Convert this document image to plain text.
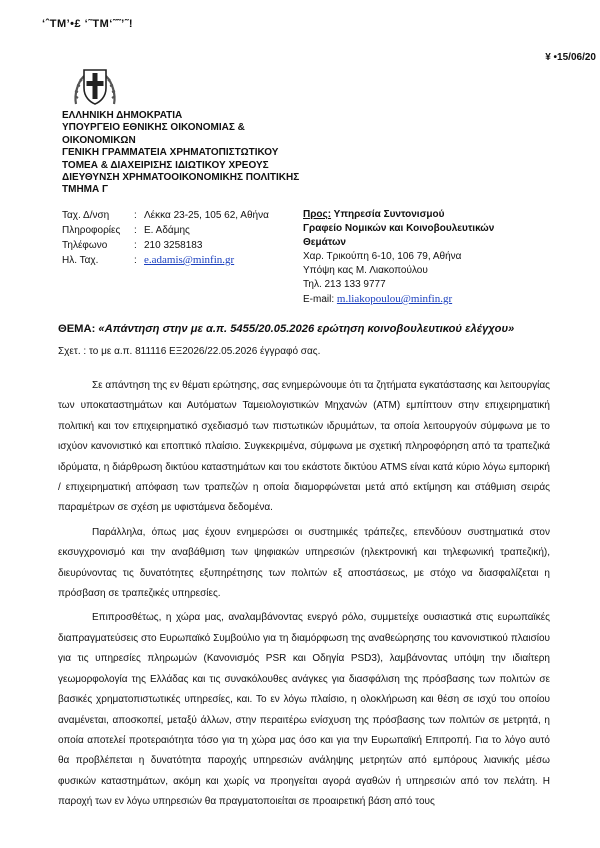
‘ˆΤΜ’•£ ‘˜ΤΜ‘˜˜’˜!
¥ •15/06/20
ΕΛΛΗΝΙΚΗ ΔΗΜΟΚΡΑΤΙΑ
ΥΠΟΥΡΓΕΙΟ ΕΘΝΙΚΗΣ ΟΙΚΟΝΟΜΙΑΣ &
ΟΙΚΟΝΟΜΙΚΩΝ
ΓΕΝΙΚΗ ΓΡΑΜΜΑΤΕΙΑ ΧΡΗΜΑΤΟΠΙΣΤΩΤΙΚΟΥ
ΤΟΜΕΑ & ΔΙΑΧΕΙΡΙΣΗΣ ΙΔΙΩΤΙΚΟΥ ΧΡΕΟΥΣ
ΔΙΕΥΘΥΝΣΗ ΧΡΗΜΑΤΟΟΙΚΟΝΟΜΙΚΗΣ ΠΟΛΙΤΙΚΗΣ
ΤΜΗΜΑ Γ
Ταχ. Δ/νση	: Λέκκα 23-25, 105 62, Αθήνα
Πληροφορίες	: Ε. Αδάμης
Τηλέφωνο	: 210 3258183
Ηλ. Ταχ.	: e.adamis@minfin.gr
Προς: Υπηρεσία Συντονισμού
Γραφείο Νομικών και Κοινοβουλευτικών
Θεμάτων
Χαρ. Τρικούπη 6-10, 106 79, Αθήνα
Υπόψη κας Μ. Λιακοπούλου
Τηλ. 213 133 9777
E-mail: m.liakopoulou@minfin.gr
ΘΕΜΑ: «Απάντηση στην με α.π. 5455/20.05.2026 ερώτηση κοινοβουλευτικού ελέγχου»
Σχετ. : το με α.π. 811116 ΕΞ2026/22.05.2026 έγγραφό σας.

Σε απάντηση της εν θέματι ερώτησης, σας ενημερώνουμε ότι τα ζητήματα εγκατάστασης και λειτουργίας των υποκαταστημάτων και Αυτόματων Ταμειολογιστικών Μηχανών (ΑΤΜ) εμπίπτουν στην επιχειρηματική πολιτική και τον επιχειρηματικό σχεδιασμό των πιστωτικών ιδρυμάτων, τα οποία λειτουργούν σύμφωνα με το ισχύον κανονιστικό και εποπτικό πλαίσιο. Συγκεκριμένα, σύμφωνα με σχετική πληροφόρηση από τα τραπεζικά ιδρύματα, η διάρθρωση δικτύου καταστημάτων και του εκάστοτε δικτύου ATMS είναι κατά κύριο λόγω εμπορική / επιχειρηματική απόφαση των τραπεζών η οποία διαμορφώνεται μετά από εκτίμηση και στάθμιση σειράς παραμέτρων σε σχέση με υφιστάμενα δεδομένα.

Παράλληλα, όπως μας έχουν ενημερώσει οι συστημικές τράπεζες, επενδύουν συστηματικά στον εκσυγχρονισμό και την αναβάθμιση των ψηφιακών υπηρεσιών (ηλεκτρονική και τηλεφωνική τραπεζική), διευρύνοντας τις δυνατότητες εξυπηρέτησης των πολιτών εξ αποστάσεως, με στόχο να διασφαλίζεται η πρόσβαση σε τραπεζικές υπηρεσίες.

Επιπροσθέτως, η χώρα μας, αναλαμβάνοντας ενεργό ρόλο, συμμετείχε ουσιαστικά στις ευρωπαϊκές διαπραγματεύσεις στο Ευρωπαϊκό Συμβούλιο για τη διαμόρφωση της αναθεώρησης του κανονιστικού πλαισίου για τις υπηρεσίες πληρωμών (Κανονισμός PSR και Οδηγία PSD3), λαμβάνοντας υπόψη την ιδιαίτερη γεωμορφολογία της Ελλάδας και τις συνακόλουθες ανάγκες για διασφάλιση της πρόσβασης των πολιτών σε βασικές χρηματοπιστωτικές υπηρεσίες, και. Το εν λόγω πλαίσιο, η ολοκλήρωση και θέση σε ισχύ του οποίου αναμένεται, αποσκοπεί, μεταξύ άλλων, στην περαιτέρω ενίσχυση της πρόσβασης των πολιτών σε μετρητά, η οποία αποτελεί προτεραιότητα τόσο για τη χώρα μας όσο και για την Ευρωπαϊκή Επιτροπή. Για το λόγο αυτό θα προβλέπεται η δυνατότητα παροχής υπηρεσιών ανάληψης μετρητών από εμπόρους λιανικής μέσω φυσικών καταστημάτων, ακόμη και χωρίς να προηγείται αγορά αγαθών ή υπηρεσιών από τον πελάτη. Η παροχή των εν λόγω υπηρεσιών θα πραγματοποιείται σε προαιρετική βάση από τους
